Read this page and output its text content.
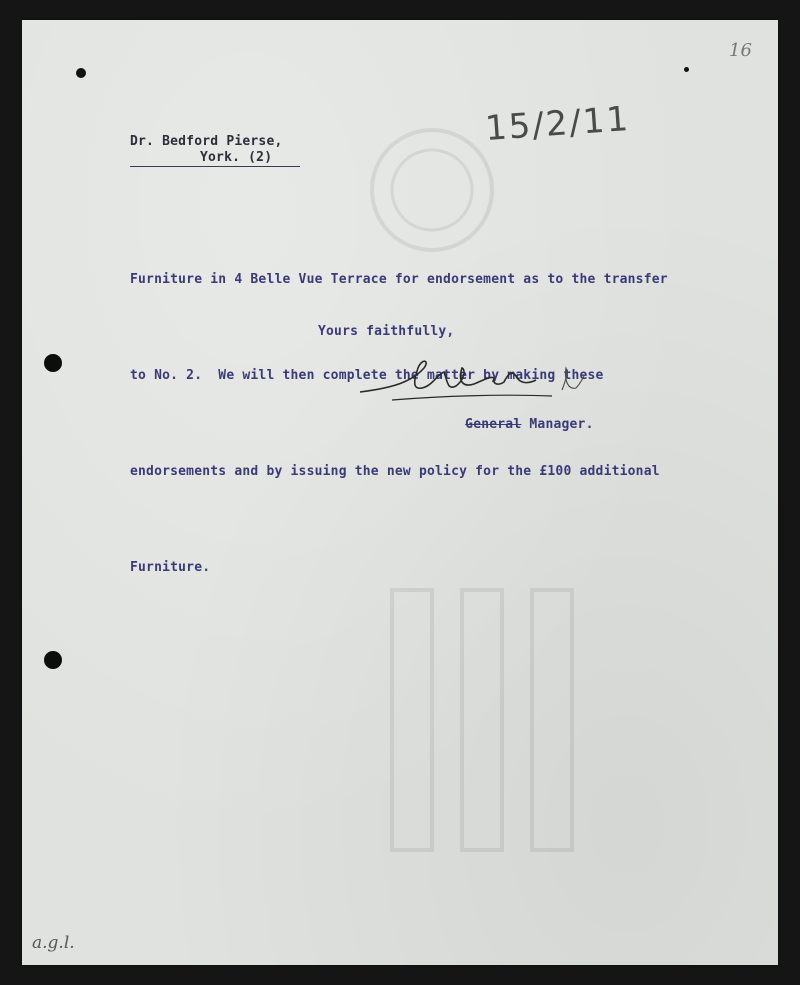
16
15/2/11
Dr. Bedford Pierse,
York. (2)

Furniture in 4 Belle Vue Terrace for endorsement as to the transfer

to No. 2.  We will then complete the matter by making these

endorsements and by issuing the new policy for the £100 additional

Furniture.

Yours faithfully,

General Manager.

a.g.l.
